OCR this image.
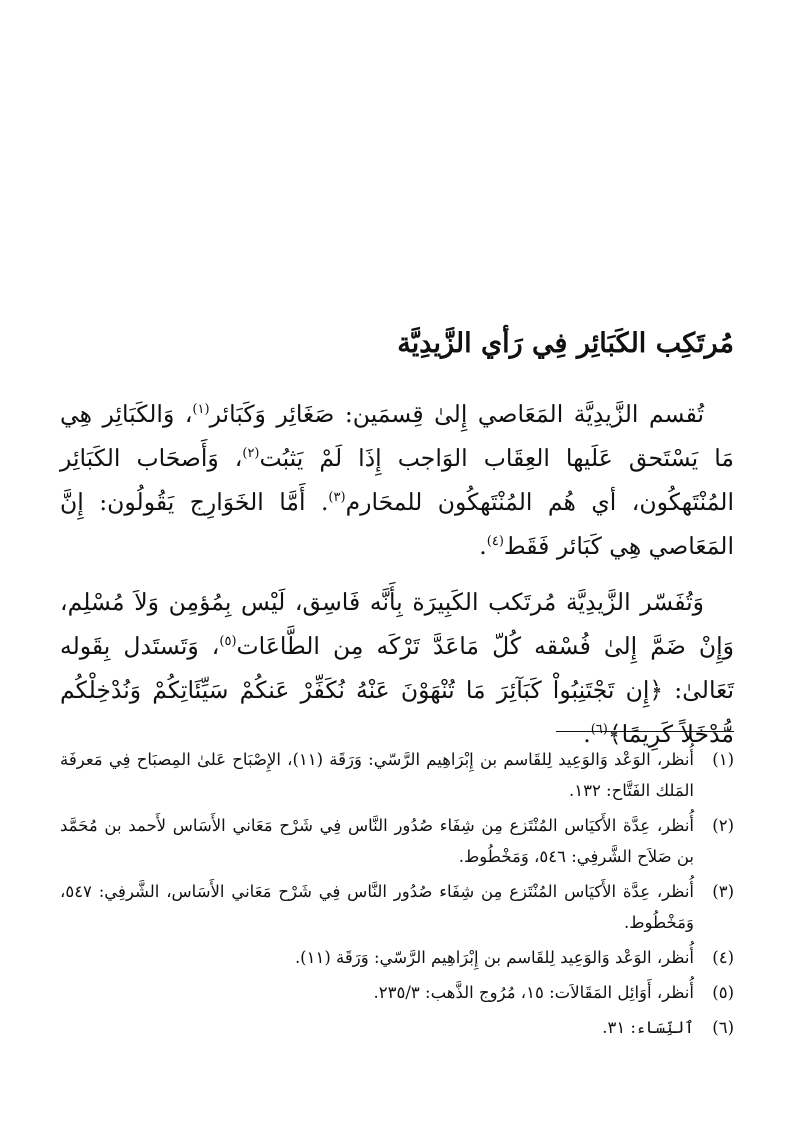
مُرتَكِب الكَبَائِر فِي رَأي الزَّيدِيَّة

تُقسم الزَّيدِيَّة المَعَاصي إِلىٰ قِسمَين: صَغَائِر وَكَبَائر$^{(١)}$، وَالكَبَائِر هِي مَا يَسْتَحق عَلَيها العِقَاب الوَاجب إِذَا لَمْ يَثبُت$^{(٢)}$، وَأَصحَاب الكَبَائِر المُنْتَهكُون، أي هُم المُنْتَهكُون للمحَارم$^{(٣)}$. أَمَّا الخَوَارِج يَقُولُون: إِنَّ المَعَاصي هِي كَبَائر فَقَط$^{(٤)}$.

وَتُفَسّر الزَّيدِيَّة مُرتَكب الكَبِيرَة بِأَنَّه فَاسِق، لَيْس بِمُؤمِن وَلاَ مُسْلِم، وَإِنْ ضَمَّ إِلىٰ فُسْقه كُلّ مَاعَدَّ تَرْكَه مِن الطَّاعَات$^{(٥)}$، وَتَستَدل بِقَوله تَعَالىٰ: ﴿إِن تَجْتَنِبُواْ كَبَآئِرَ مَا تُنْهَوْنَ عَنْهُ نُكَفِّرْ عَنكُمْ سَيِّئَاتِكُمْ وَنُدْخِلْكُم مُّدْخَلاً كَرِيمًا﴾$^{(٦)}$.

(١)
أُنظر، الوَعْد وَالوَعِيد لِلقَاسم بن إِبْرَاهِيم الرَّسّي: وَرَقَة (١١)، الإِصْبَاح عَلىٰ المِصبَاح فِي مَعرفَة المَلك الفَتَّاح: ١٣٢.
(٢)
أُنظر، عِدَّة الأَكيَاس المُنْتَزع مِن شِفَاء صُدُور النَّاس فِي شَرْح مَعَاني الأَسَاس لأَحمد بن مُحَمَّد بن صَلاَح الشَّرفِي: ٥٤٦، وَمَخْطُوط.
(٣)
أُنظر، عِدَّة الأَكيَاس المُنْتَزع مِن شِفَاء صُدُور النَّاس فِي شَرْح مَعَاني الأَسَاس، الشَّرفِي: ٥٤٧، وَمَخْطُوط.
(٤)
أُنظر، الوَعْد وَالوَعِيد لِلقَاسم بن إِبْرَاهِيم الرَّسّي: وَرَقَة (١١).
(٥)
أُنظر، أَوَائِل المَقَالاَت: ١٥، مُرُوج الذَّهب: ٢٣٥/٣.
(٦)
ٱلنِّسَاء: ٣١.
